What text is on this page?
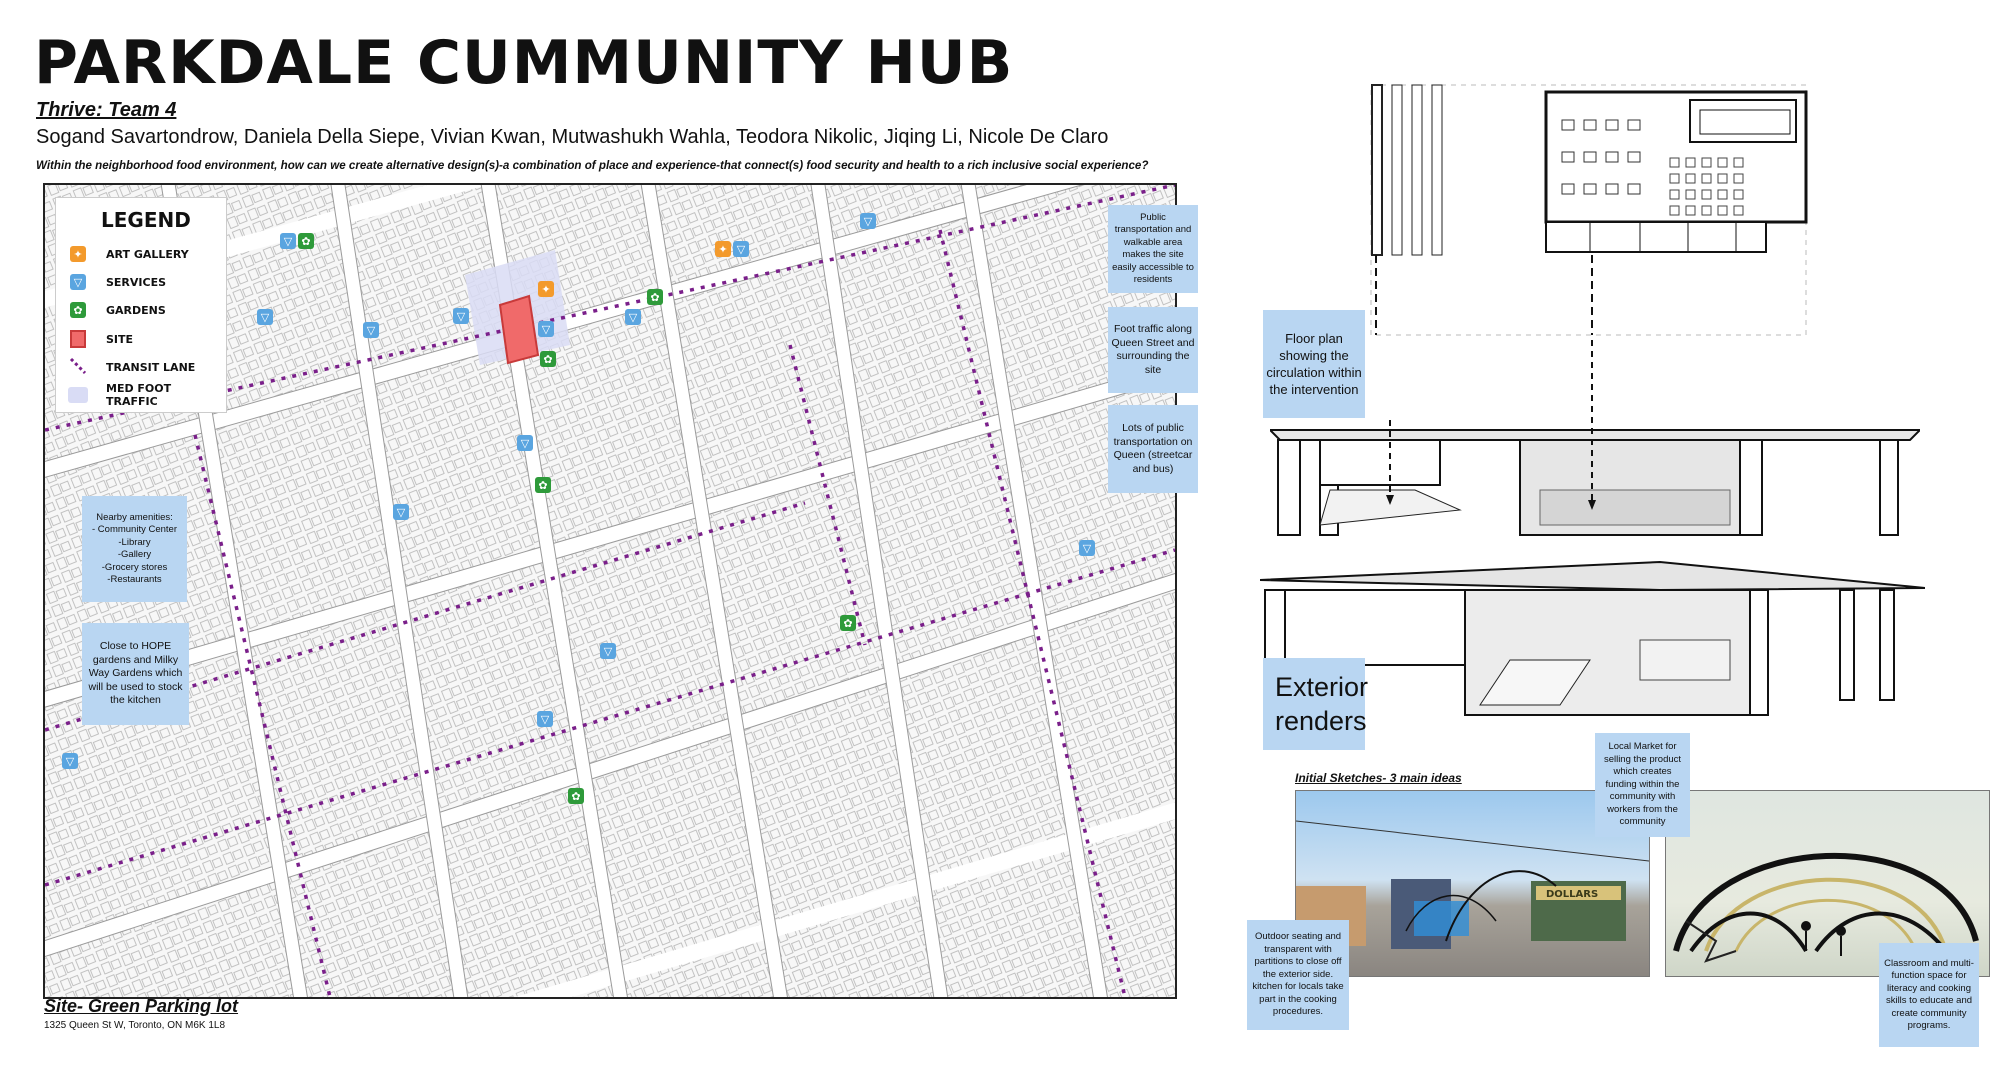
PARKDALE CUMMUNITY HUB
Thrive: Team 4
Sogand Savartondrow, Daniela Della Siepe, Vivian Kwan, Mutwashukh Wahla, Teodora Nikolic, Jiqing Li, Nicole De Claro
Within the neighborhood food environment, how can we create alternative design(s)-a combination of place and experience-that connect(s) food security and health to a rich inclusive social experience?
▽ ✿
▽
▽
▽
✦
▽
✿
✦ ▽
▽
✿
▽
▽
✿
▽
▽
✿
▽
▽
▽
✿
LEGEND
✦	ART GALLERY
▽	SERVICES
✿	GARDENS
SITE
TRANSIT LANE
MED FOOT TRAFFIC
Nearby amenities:
- Community Center
-Library
-Gallery
-Grocery stores
-Restaurants
Close to HOPE gardens and Milky Way Gardens which will be used to stock the kitchen
Public transportation and walkable area makes the site easily accessible to residents
Foot traffic along Queen Street and surrounding the site
Lots of public transportation on Queen (streetcar and bus)
Site- Green Parking lot
1325 Queen St W, Toronto, ON M6K 1L8
Floor plan showing the circulation within the intervention
Exterior renders
Initial Sketches- 3 main ideas
DOLLARS
Local Market for selling the product which creates funding within the community with workers from the community
Outdoor seating and transparent with partitions to close off the exterior side. kitchen for locals take part in the cooking procedures.
Classroom and multi- function space for literacy and cooking skills to educate and create community programs.
